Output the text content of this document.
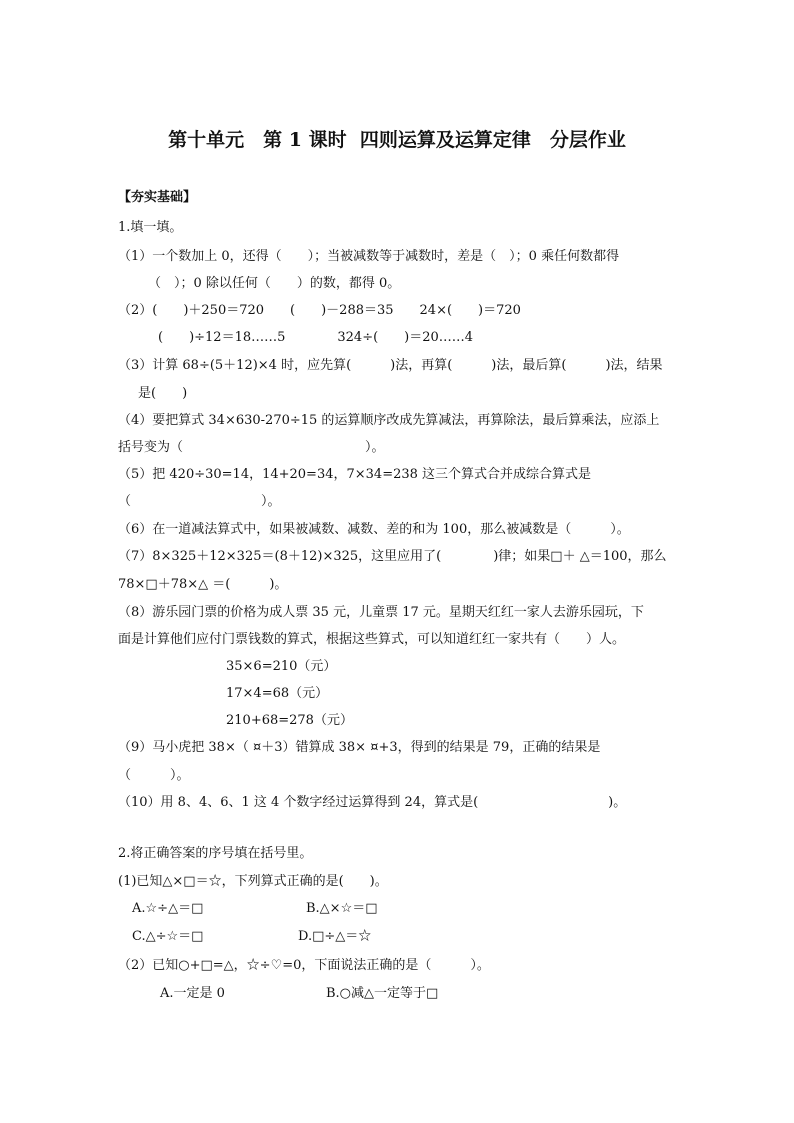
第十单元　第 1 课时  四则运算及运算定律　分层作业
【夯实基础】
1.填一填。
（1）一个数加上 0，还得（　　）；当被减数等于减数时，差是（　）；0 乘任何数都得
（　）；0 除以任何（　　）的数，都得 0。
（2）(　　)＋250＝720　　(　　)－288＝35　　24×(　　)＝720
(　　)÷12＝18……5　　　　324÷(　　)＝20……4
（3）计算 68÷(5＋12)×4 时，应先算(　　　)法，再算(　　　)法，最后算(　　　)法，结果
是(　　)
（4）要把算式 34×630-270÷15 的运算顺序改成先算减法，再算除法，最后算乘法，应添上
括号变为（　　　　　　　　　　　　　　）。
（5）把 420÷30=14，14+20=34，7×34=238 这三个算式合并成综合算式是
（　　　　　　　　　　）。
（6）在一道减法算式中，如果被减数、减数、差的和为 100，那么被减数是（　　　）。
（7）8×325＋12×325＝(8＋12)×325，这里应用了(　　　　)律；如果□＋ △＝100，那么
78×□＋78×△ ＝(　　　)。
（8）游乐园门票的价格为成人票 35 元，儿童票 17 元。星期天红红一家人去游乐园玩，下
面是计算他们应付门票钱数的算式，根据这些算式，可以知道红红一家共有（　　）人。
35×6=210（元）
17×4=68（元）
210+68=278（元）
（9）马小虎把 38×（ ¤＋3）错算成 38× ¤+3，得到的结果是 79，正确的结果是
（　　　）。
（10）用 8、4、6、1 这 4 个数字经过运算得到 24，算式是(　　　　　　　　　　)。
2.将正确答案的序号填在括号里。
(1)已知△×□＝☆，下列算式正确的是(　　)。
A.☆÷△＝□	B.△×☆＝□
C.△÷☆＝□	D.□÷△＝☆
（2）已知○+□=△，☆÷♡=0，下面说法正确的是（　　　）。
A.一定是 0	B.○减△一定等于□
